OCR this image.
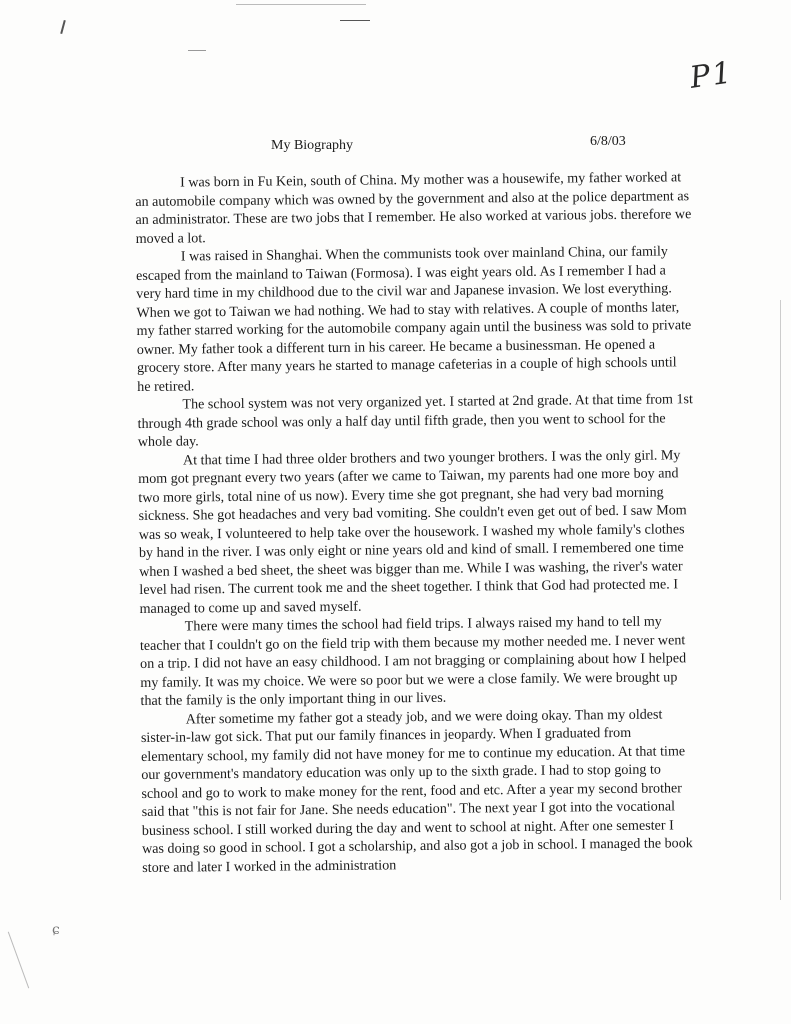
ɕ
P1
My Biography	6/8/03

I was born in Fu Kein, south of China. My mother was a housewife, my father worked at an automobile company which was owned by the government and also at the police department as an administrator. These are two jobs that I remember. He also worked at various jobs. therefore we moved a lot.

I was raised in Shanghai. When the communists took over mainland China, our family escaped from the mainland to Taiwan (Formosa). I was eight years old. As I remember I had a very hard time in my childhood due to the civil war and Japanese invasion. We lost everything. When we got to Taiwan we had nothing. We had to stay with relatives. A couple of months later, my father starred working for the automobile company again until the business was sold to private owner. My father took a different turn in his career. He became a businessman. He opened a grocery store. After many years he started to manage cafeterias in a couple of high schools until he retired.

The school system was not very organized yet. I started at 2nd grade. At that time from 1st through 4th grade school was only a half day until fifth grade, then you went to school for the whole day.

At that time I had three older brothers and two younger brothers. I was the only girl. My mom got pregnant every two years (after we came to Taiwan, my parents had one more boy and two more girls, total nine of us now). Every time she got pregnant, she had very bad morning sickness. She got headaches and very bad vomiting. She couldn't even get out of bed. I saw Mom was so weak, I volunteered to help take over the housework. I washed my whole family's clothes by hand in the river. I was only eight or nine years old and kind of small. I remembered one time when I washed a bed sheet, the sheet was bigger than me. While I was washing, the river's water level had risen. The current took me and the sheet together. I think that God had protected me. I managed to come up and saved myself.

There were many times the school had field trips. I always raised my hand to tell my teacher that I couldn't go on the field trip with them because my mother needed me. I never went on a trip. I did not have an easy childhood. I am not bragging or complaining about how I helped my family. It was my choice. We were so poor but we were a close family. We were brought up that the family is the only important thing in our lives.

After sometime my father got a steady job, and we were doing okay. Than my oldest sister-in-law got sick. That put our family finances in jeopardy. When I graduated from elementary school, my family did not have money for me to continue my education. At that time our government's mandatory education was only up to the sixth grade. I had to stop going to school and go to work to make money for the rent, food and etc. After a year my second brother said that "this is not fair for Jane. She needs education". The next year I got into the vocational business school. I still worked during the day and went to school at night. After one semester I was doing so good in school. I got a scholarship, and also got a job in school. I managed the book store and later I worked in the administration
